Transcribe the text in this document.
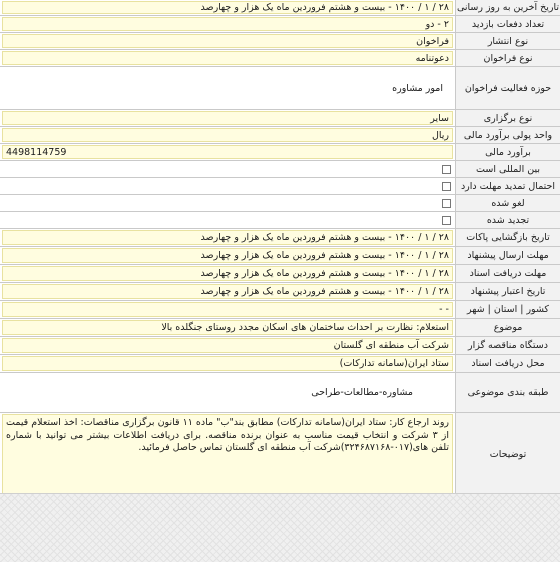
تاریخ آخرین به روز رسانی
۲۸ / ۱ / ۱۴۰۰ - بیست و هشتم فروردین ماه یک هزار و چهارصد
تعداد دفعات بازدید
۲ - دو
نوع انتشار
فراخوان
نوع فراخوان
دعوتنامه
حوزه فعالیت فراخوان
امور مشاوره
نوع برگزاری
سایر
واحد پولی برآورد مالی
ریال
برآورد مالی
4498114759
بین المللی است
احتمال تمدید مهلت دارد
لغو شده
تجدید شده
تاریخ بازگشایی پاکات
۲۸ / ۱ / ۱۴۰۰ - بیست و هشتم فروردین ماه یک هزار و چهارصد
مهلت ارسال پیشنهاد
۲۸ / ۱ / ۱۴۰۰ - بیست و هشتم فروردین ماه یک هزار و چهارصد
مهلت دریافت اسناد
۲۸ / ۱ / ۱۴۰۰ - بیست و هشتم فروردین ماه یک هزار و چهارصد
تاریخ اعتبار پیشنهاد
۲۸ / ۱ / ۱۴۰۰ - بیست و هشتم فروردین ماه یک هزار و چهارصد
کشور | استان | شهر
- -
موضوع
استعلام: نظارت بر احداث ساختمان های اسکان مجدد روستای جنگلده بالا
دستگاه مناقصه گزار
شرکت آب منطقه ای گلستان
محل دریافت اسناد
ستاد ایران(سامانه تدارکات)
طبقه بندی موضوعی
مشاوره-مطالعات-طراحی
توضیحات
روند ارجاع کار: ستاد ایران(سامانه تدارکات) مطابق بند"ب" ماده ۱۱ قانون برگزاری مناقصات: اخذ استعلام قیمت از ۳ شرکت و انتخاب قیمت مناسب به عنوان برنده مناقصه. برای دریافت اطلاعات بیشتر می توانید با شماره تلفن های(۰۱۷-۳۲۴۶۸۷۱۶۸)شرکت آب منطقه ای گلستان تماس حاصل فرمائید.
